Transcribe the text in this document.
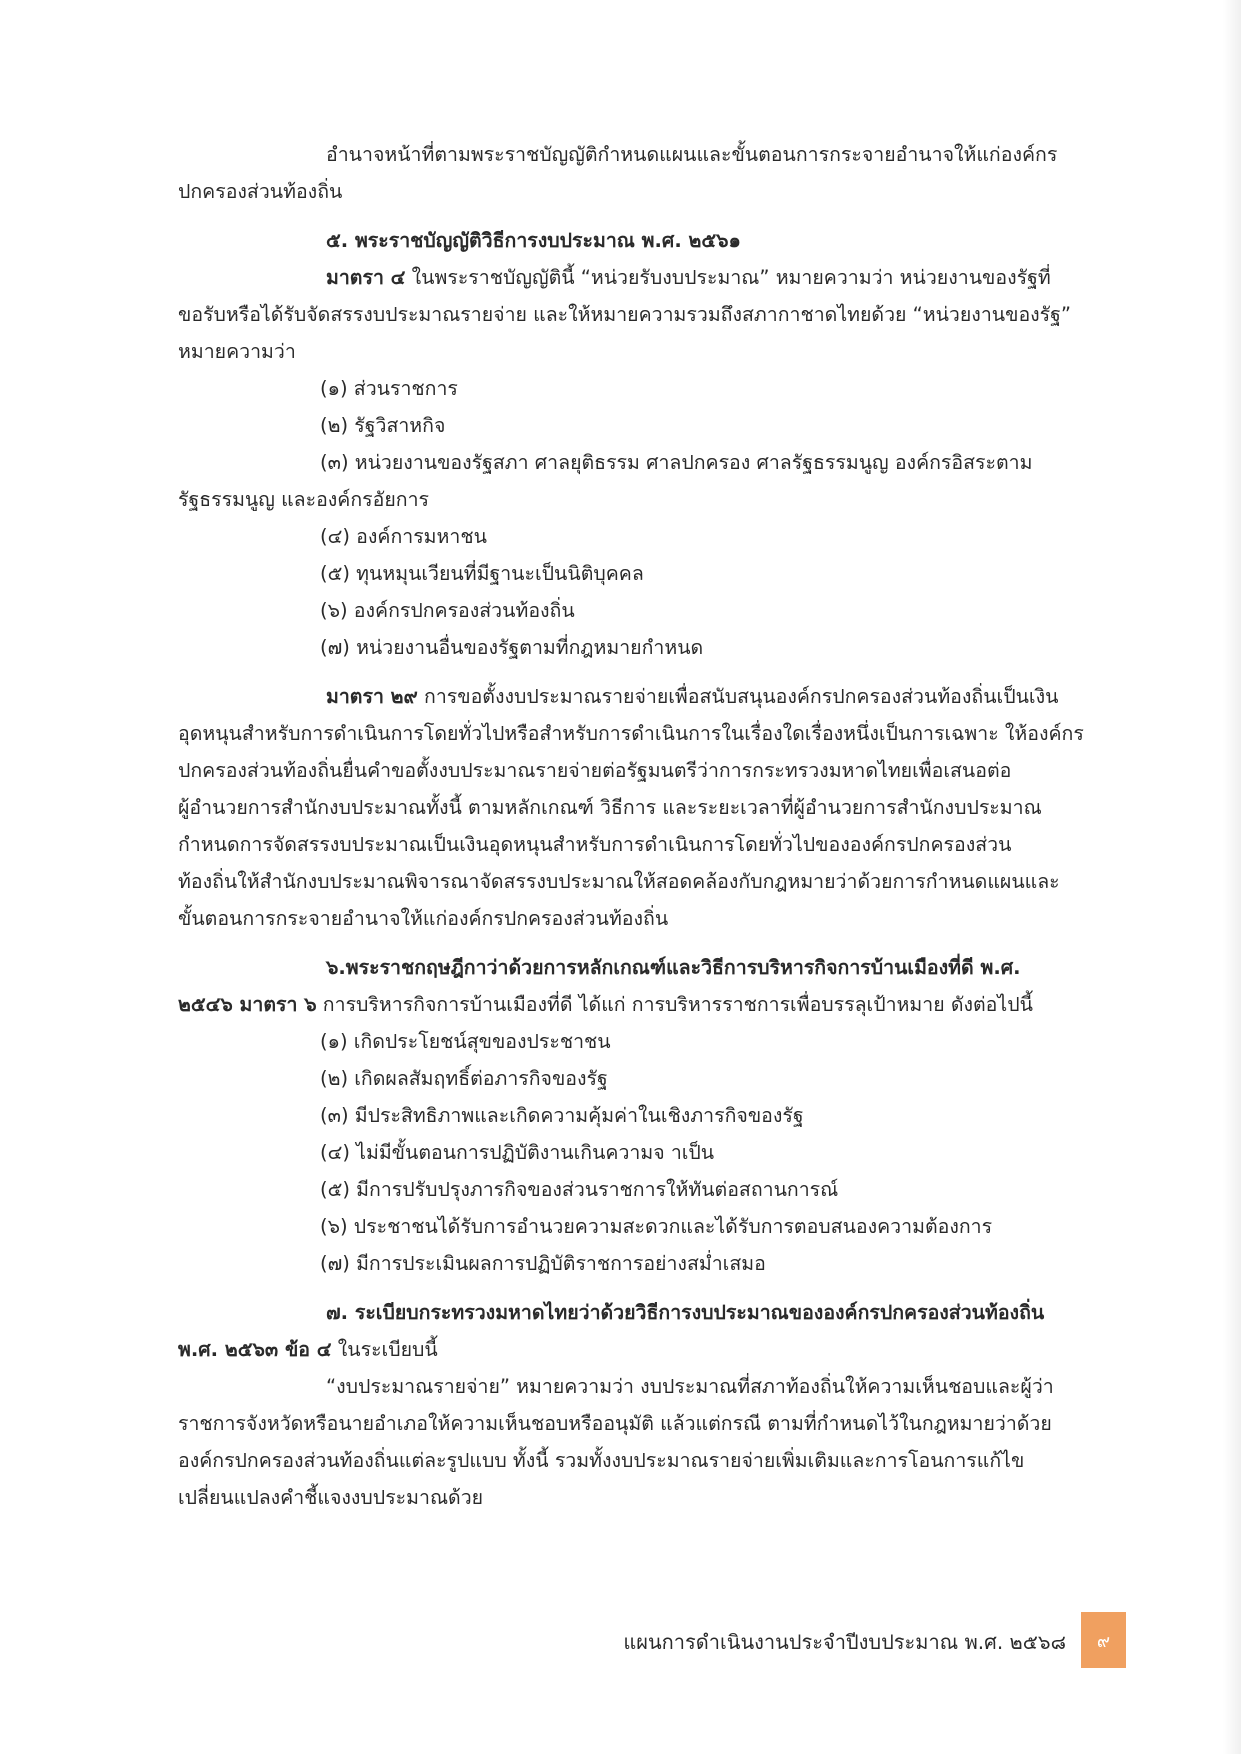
อำนาจหน้าที่ตามพระราชบัญญัติกำหนดแผนและขั้นตอนการกระจายอำนาจให้แก่องค์กร
ปกครองส่วนท้องถิ่น
๕. พระราชบัญญัติวิธีการงบประมาณ พ.ศ. ๒๕๖๑
มาตรา ๔ ในพระราชบัญญัตินี้ “หน่วยรับงบประมาณ” หมายความว่า หน่วยงานของรัฐที่
ขอรับหรือได้รับจัดสรรงบประมาณรายจ่าย และให้หมายความรวมถึงสภากาชาดไทยด้วย “หน่วยงานของรัฐ”
หมายความว่า
(๑) ส่วนราชการ
(๒) รัฐวิสาหกิจ
(๓) หน่วยงานของรัฐสภา ศาลยุติธรรม ศาลปกครอง ศาลรัฐธรรมนูญ องค์กรอิสระตาม
รัฐธรรมนูญ และองค์กรอัยการ
(๔) องค์การมหาชน
(๕) ทุนหมุนเวียนที่มีฐานะเป็นนิติบุคคล
(๖) องค์กรปกครองส่วนท้องถิ่น
(๗) หน่วยงานอื่นของรัฐตามที่กฎหมายกำหนด
มาตรา ๒๙ การขอตั้งงบประมาณรายจ่ายเพื่อสนับสนุนองค์กรปกครองส่วนท้องถิ่นเป็นเงิน
อุดหนุนสำหรับการดำเนินการโดยทั่วไปหรือสำหรับการดำเนินการในเรื่องใดเรื่องหนึ่งเป็นการเฉพาะ ให้องค์กร
ปกครองส่วนท้องถิ่นยื่นคำขอตั้งงบประมาณรายจ่ายต่อรัฐมนตรีว่าการกระทรวงมหาดไทยเพื่อเสนอต่อ
ผู้อำนวยการสำนักงบประมาณทั้งนี้ ตามหลักเกณฑ์ วิธีการ และระยะเวลาที่ผู้อำนวยการสำนักงบประมาณ
กำหนดการจัดสรรงบประมาณเป็นเงินอุดหนุนสำหรับการดำเนินการโดยทั่วไปขององค์กรปกครองส่วน
ท้องถิ่นให้สำนักงบประมาณพิจารณาจัดสรรงบประมาณให้สอดคล้องกับกฎหมายว่าด้วยการกำหนดแผนและ
ขั้นตอนการกระจายอำนาจให้แก่องค์กรปกครองส่วนท้องถิ่น
๖.พระราชกฤษฎีกาว่าด้วยการหลักเกณฑ์และวิธีการบริหารกิจการบ้านเมืองที่ดี พ.ศ.
๒๕๔๖ มาตรา ๖ การบริหารกิจการบ้านเมืองที่ดี ได้แก่ การบริหารราชการเพื่อบรรลุเป้าหมาย ดังต่อไปนี้
(๑) เกิดประโยชน์สุขของประชาชน
(๒) เกิดผลสัมฤทธิ์ต่อภารกิจของรัฐ
(๓) มีประสิทธิภาพและเกิดความคุ้มค่าในเชิงภารกิจของรัฐ
(๔) ไม่มีขั้นตอนการปฏิบัติงานเกินความจ าเป็น
(๕) มีการปรับปรุงภารกิจของส่วนราชการให้ทันต่อสถานการณ์
(๖) ประชาชนได้รับการอำนวยความสะดวกและได้รับการตอบสนองความต้องการ
(๗) มีการประเมินผลการปฏิบัติราชการอย่างสม่ำเสมอ
๗. ระเบียบกระทรวงมหาดไทยว่าด้วยวิธีการงบประมาณขององค์กรปกครองส่วนท้องถิ่น
พ.ศ. ๒๕๖๓ ข้อ ๔ ในระเบียบนี้
“งบประมาณรายจ่าย” หมายความว่า งบประมาณที่สภาท้องถิ่นให้ความเห็นชอบและผู้ว่า
ราชการจังหวัดหรือนายอำเภอให้ความเห็นชอบหรืออนุมัติ แล้วแต่กรณี ตามที่กำหนดไว้ในกฎหมายว่าด้วย
องค์กรปกครองส่วนท้องถิ่นแต่ละรูปแบบ ทั้งนี้ รวมทั้งงบประมาณรายจ่ายเพิ่มเติมและการโอนการแก้ไข
เปลี่ยนแปลงคำชี้แจงงบประมาณด้วย
แผนการดำเนินงานประจำปีงบประมาณ พ.ศ. ๒๕๖๘	๙
